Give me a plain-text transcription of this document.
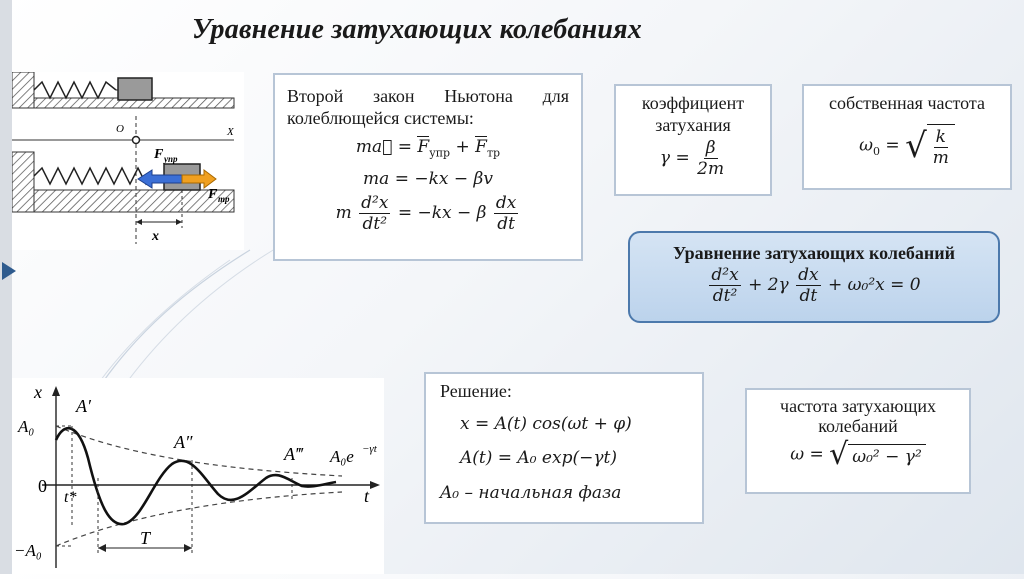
Уравнение затухающих колебаниях
X
O
F упр
F тр
x
Второй закон Ньютона для колеблющейся системы:
ma⃗ = $F_{упр} + F_{тр}$
ma = −kx − βv
m $\frac{\text{d²x}}{\text{dt²}} = -kx - \beta \frac{dx}{dt}$
коэффициент
затухания
$\gamma = \frac{\beta}{2m}$
собственная частота
$\omega_0$ = √ $\frac{k}{m}$
Уравнение затухающих колебаний
$\frac{\text{d²x}}{\text{dt²}} + 2\gamma \frac{dx}{dt} + \omega_0^2x = 0$
x
t
0
A₀
−A₀
T
t*
A′
A″
A‴ A₀e −γt
Решение:
x = A(t) cos(ωt + φ)
A(t) = A₀ exp(−γt)
A₀ – начальная фаза
частота затухающих
колебаний
ω = √ ω₀² − γ²
